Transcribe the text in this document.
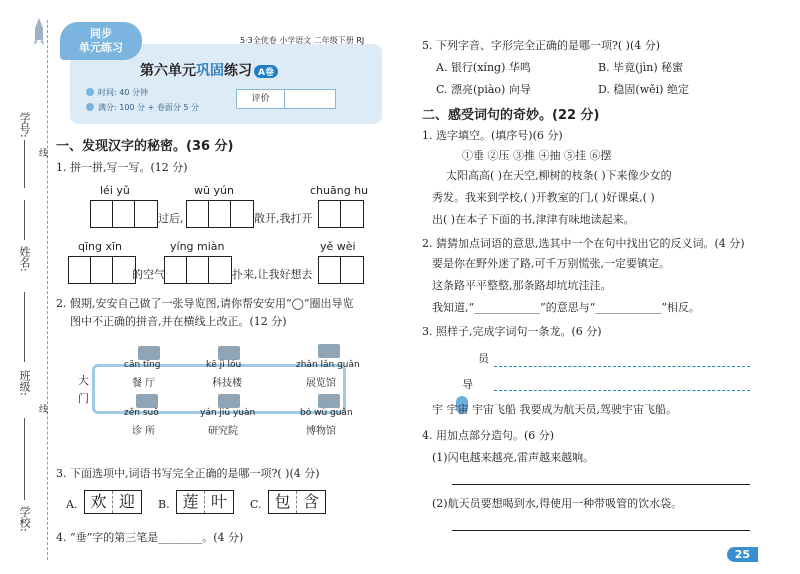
学号:
姓名:
班级:
学校:
线
线
同步
单元练习
5·3全优卷 小学语文 二年级下册 RJ
第六单元巩固练习 A卷
时间: 40 分钟
满分: 100 分 + 卷面分 5 分
评价
一、发现汉字的秘密。(36 分)
1. 拼一拼,写一写。(12 分)
léi yǔ
过后,
wū yún
散开,我打开
chuāng hu
qīng xīn
的空气
yíng miàn
扑来,让我好想去
yě wèi
2. 假期,安安自己做了一张导览图,请你帮安安用“◯”圈出导览
图中不正确的拼音,并在横线上改正。(12 分)
大 门
cān tīng
餐 厅
kē jì lóu
科技楼
zhǎn lǎn guǎn
展览馆
zěn suǒ
诊 所
yán jiū yuàn
研究院
bó wù guǎn
博物馆
3. 下面选项中,词语书写完全正确的是哪一项?( )(4 分)
A. 欢 迎	B. 莲 叶	C. 包 含
4. “垂”字的第三笔是________。(4 分)
5. 下列字音、字形完全正确的是哪一项?( )(4 分)
A. 银行(xíng) 华鸣	B. 毕竟(jìn) 秘蜜
C. 漂亮(piào) 向导	D. 稳固(wěi) 绝定
二、感受词句的奇妙。(22 分)
1. 选字填空。(填序号)(6 分)
①垂 ②压 ③推 ④抽 ⑤挂 ⑥摆
太阳高高( )在天空,柳树的枝条( )下来像少女的
秀发。我来到学校,( )开教室的门,( )好课桌,( )
出( )在本子下面的书,津津有味地读起来。
2. 猜猜加点词语的意思,选其中一个在句中找出它的反义词。(4 分)
要是你在野外迷了路,可千万别慌张,一定要镇定。
这条路平平整整,那条路却坑坑洼洼。
我知道,“____________”的意思与“____________”相反。
3. 照样子,完成字词句一条龙。(6 分)
员
导
宇 宇宙 宇宙飞船 我要成为航天员,驾驶宇宙飞船。
4. 用加点部分造句。(6 分)
(1)闪电越来越亮,雷声越来越响。
(2)航天员要想喝到水,得使用一种带吸管的饮水袋。
25
